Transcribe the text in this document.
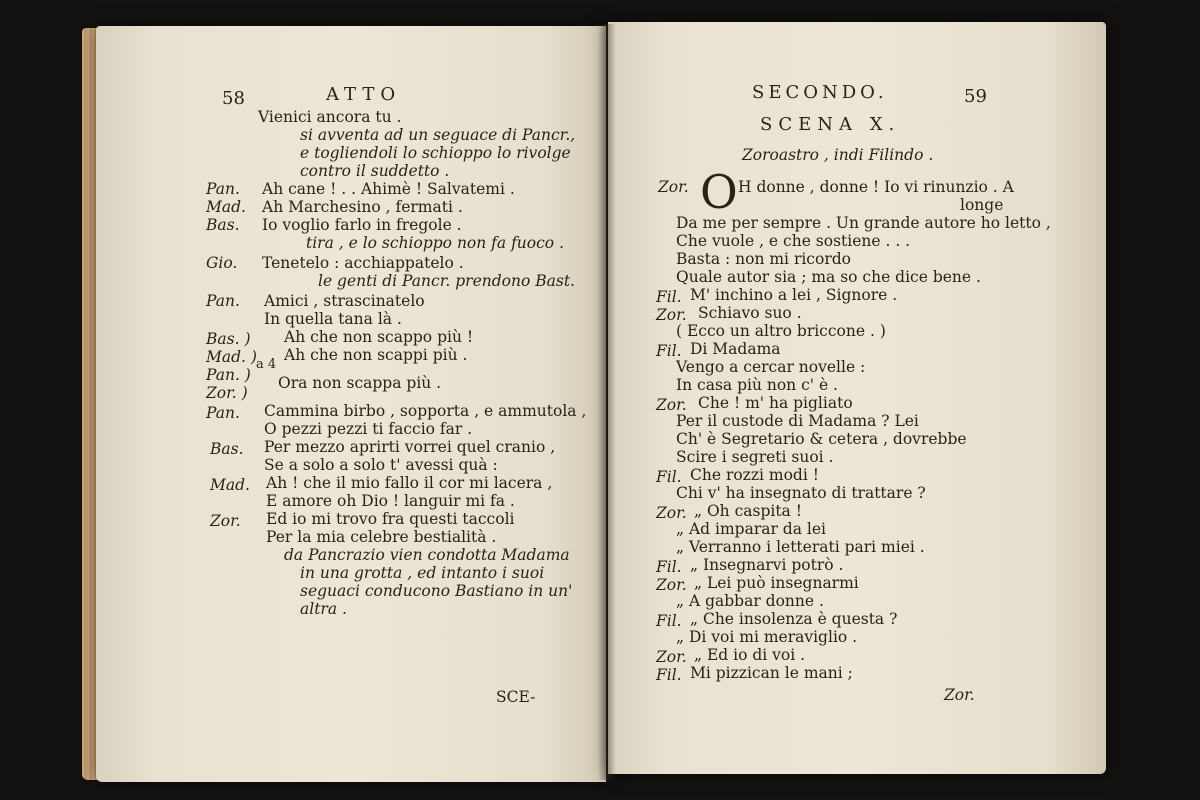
58	ATTO
Vienici ancora tu .
si avventa ad un seguace di Pancr.,
e togliendoli lo schioppo lo rivolge
contro il suddetto .
Pan. Ah cane ! . . Ahimè ! Salvatemi .
Mad. Ah Marchesino , fermati .
Bas. Io voglio farlo in fregole .
tira , e lo schioppo non fa fuoco .
Gio. Tenetelo : acchiappatelo .
le genti di Pancr. prendono Bast.
Pan. Amici , strascinatelo
In quella tana là .
Bas. ) Ah che non scappo più !
Mad. ) Ah che non scappi più .
Pan. )
a 4
Zor. )
Ora non scappa più .
Pan. Cammina birbo , sopporta , e ammutola ,
O pezzi pezzi ti faccio far .
Bas. Per mezzo aprirti vorrei quel cranio ,
Se a solo a solo t' avessi quà :
Mad. Ah ! che il mio fallo il cor mi lacera ,
E amore oh Dio ! languir mi fa .
Zor. Ed io mi trovo fra questi taccoli
Per la mia celebre bestialità .
da Pancrazio vien condotta Madama
in una grotta , ed intanto i suoi
seguaci conducono Bastiano in un'
altra .
SCE-
SECONDO.	59
SCENA X.
Zoroastro , indi Filindo .
Zor. O H donne , donne ! Io vi rinunzio . A
longe
Da me per sempre . Un grande autore ho letto ,
Che vuole , e che sostiene . . .
Basta : non mi ricordo
Quale autor sia ; ma so che dice bene .
Fil. M' inchino a lei , Signore .
Zor. Schiavo suo .
( Ecco un altro briccone . )
Fil. Di Madama
Vengo a cercar novelle :
In casa più non c' è .
Zor. Che ! m' ha pigliato
Per il custode di Madama ? Lei
Ch' è Segretario & cetera , dovrebbe
Scire i segreti suoi .
Fil. Che rozzi modi !
Chi v' ha insegnato di trattare ?
Zor. „ Oh caspita !
„ Ad imparar da lei
„ Verranno i letterati pari miei .
Fil. „ Insegnarvi potrò .
Zor. „ Lei può insegnarmi
„ A gabbar donne .
Fil. „ Che insolenza è questa ?
„ Di voi mi meraviglio .
Zor. „ Ed io di voi .
Fil. Mi pizzican le mani ;
Zor.
